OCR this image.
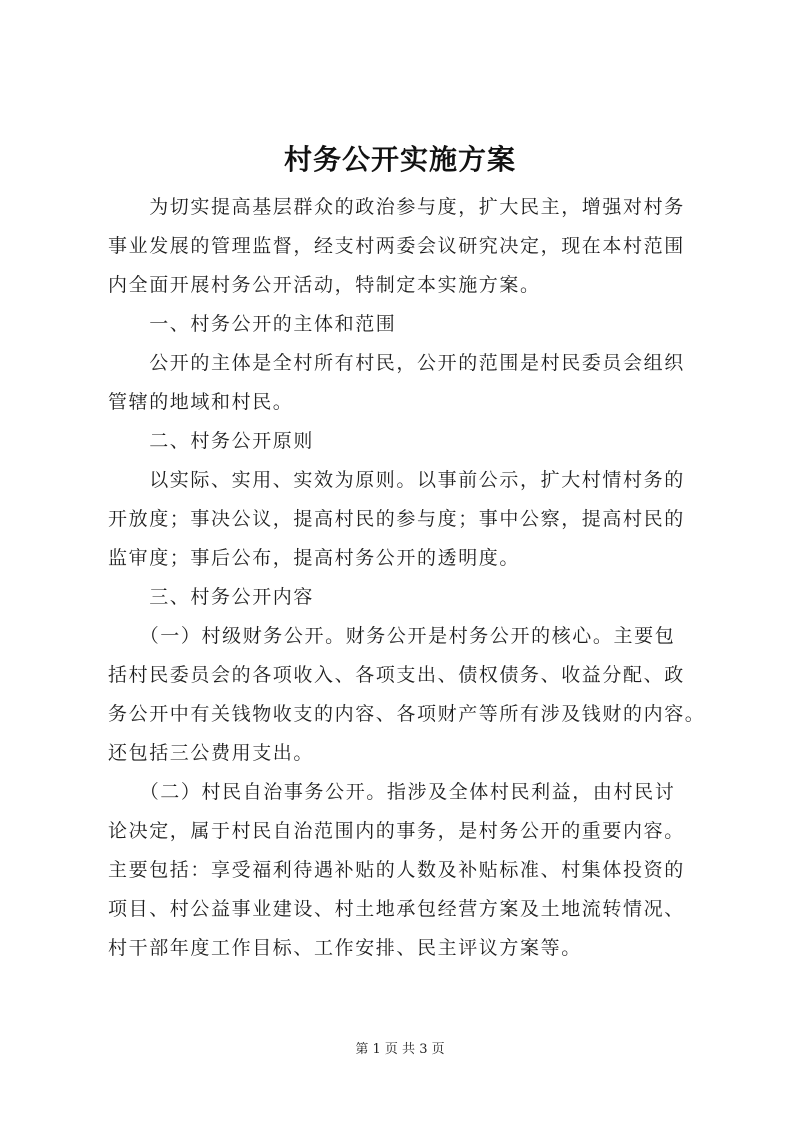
村务公开实施方案
　　为切实提高基层群众的政治参与度，扩大民主，增强对村务
事业发展的管理监督，经支村两委会议研究决定，现在本村范围
内全面开展村务公开活动，特制定本实施方案。
　　一、村务公开的主体和范围
　　公开的主体是全村所有村民，公开的范围是村民委员会组织
管辖的地域和村民。
　　二、村务公开原则
　　以实际、实用、实效为原则。以事前公示，扩大村情村务的
开放度；事决公议，提高村民的参与度；事中公察，提高村民的
监审度；事后公布，提高村务公开的透明度。
　　三、村务公开内容
　　（一）村级财务公开。财务公开是村务公开的核心。主要包
括村民委员会的各项收入、各项支出、债权债务、收益分配、政
务公开中有关钱物收支的内容、各项财产等所有涉及钱财的内容。
还包括三公费用支出。
　　（二）村民自治事务公开。指涉及全体村民利益，由村民讨
论决定，属于村民自治范围内的事务，是村务公开的重要内容。
主要包括：享受福利待遇补贴的人数及补贴标准、村集体投资的
项目、村公益事业建设、村土地承包经营方案及土地流转情况、
村干部年度工作目标、工作安排、民主评议方案等。
第 1 页 共 3 页
